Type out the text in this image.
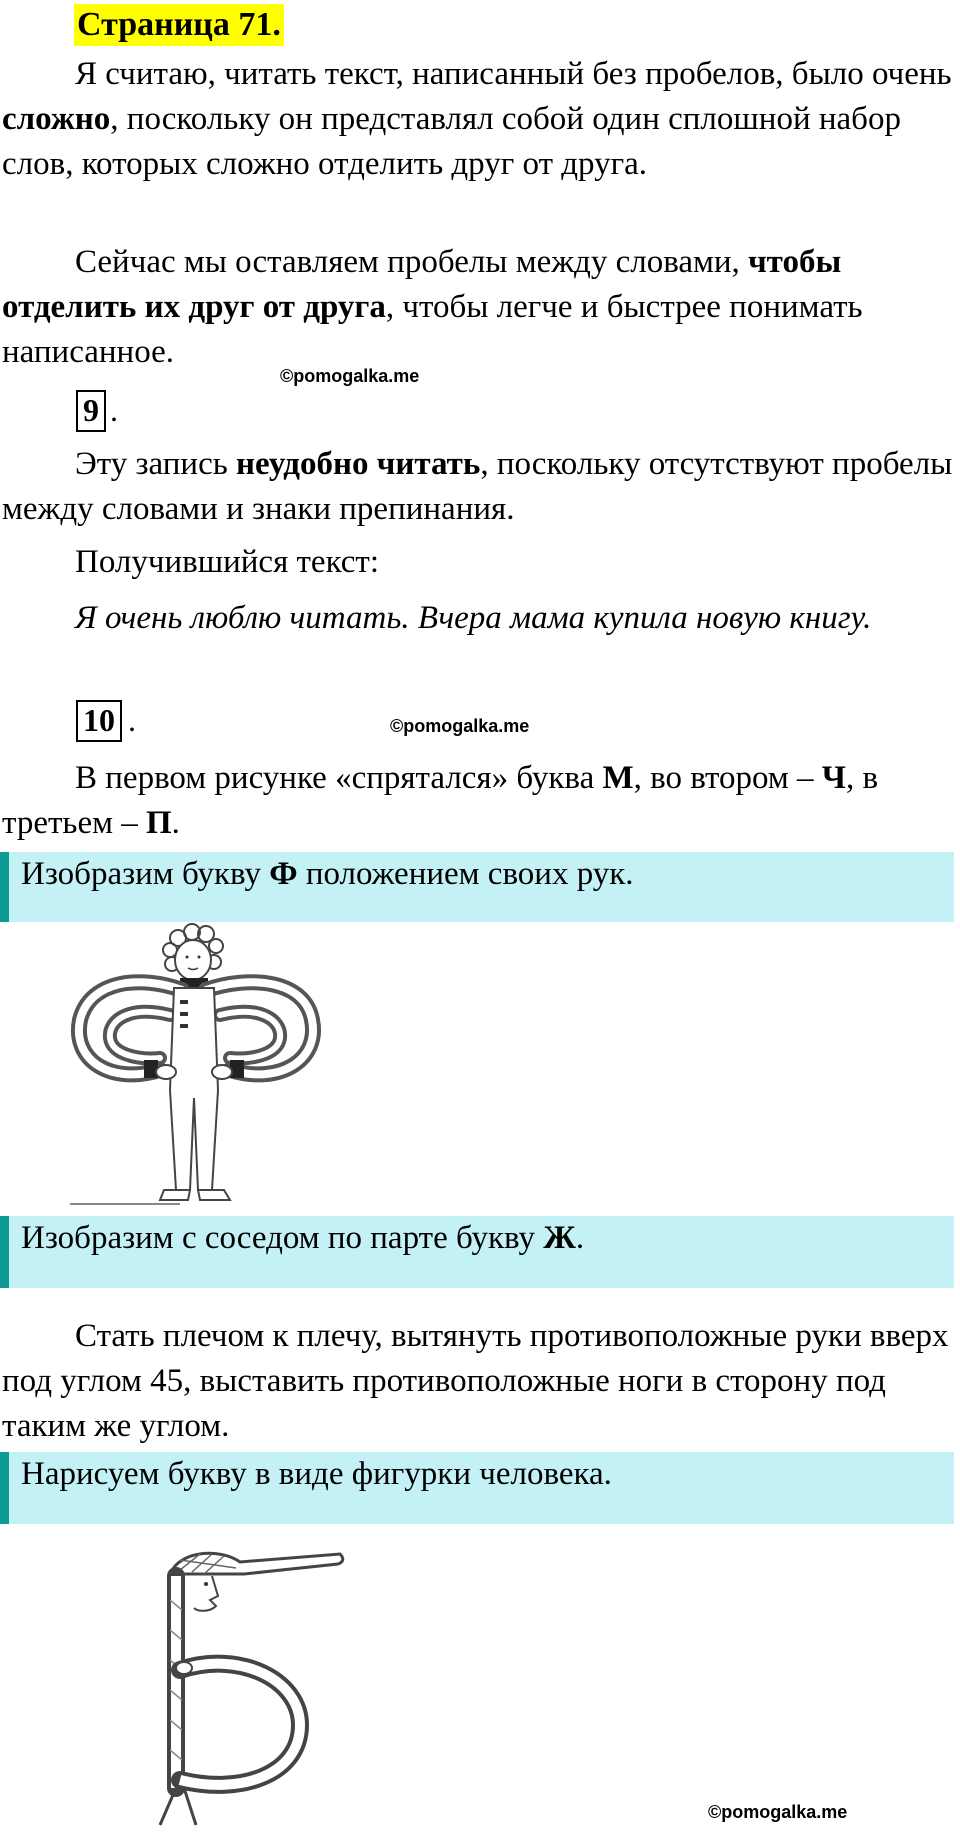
Страница 71.
Я считаю, читать текст, написанный без пробелов, было очень сложно, поскольку он представлял собой один сплошной набор слов, которых сложно отделить друг от друга.
Сейчас мы оставляем пробелы между словами, чтобы отделить их друг от друга, чтобы легче и быстрее понимать написанное.
©pomogalka.me
9 .
Эту запись неудобно читать, поскольку отсутствуют пробелы между словами и знаки препинания.
Получившийся текст:
Я очень люблю читать. Вчера мама купила новую книгу.
10 .	©pomogalka.me
В первом рисунке «спрятался» буква М, во втором – Ч, в третьем – П.
Изобразим букву Ф положением своих рук.
Изобразим с соседом по парте букву Ж.
Стать плечом к плечу, вытянуть противоположные руки вверх под углом 45, выставить противоположные ноги в сторону под таким же углом.
Нарисуем букву в виде фигурки человека.
©pomogalka.me
